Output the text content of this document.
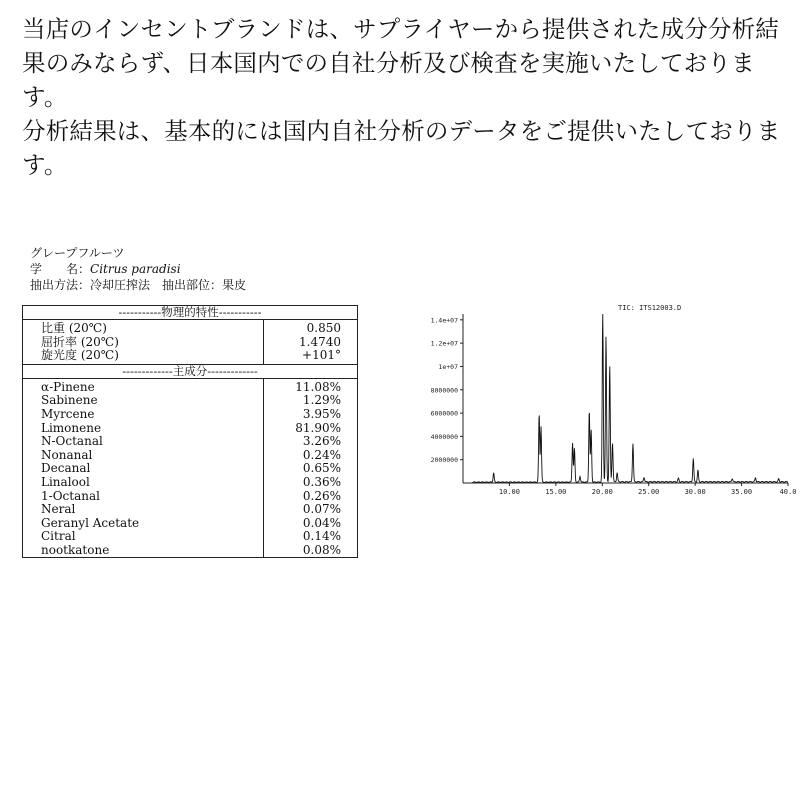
当店のインセントブランドは、サプライヤーから提供された成分分析結果のみならず、日本国内での自社分析及び検査を実施いたしております。

分析結果は、基本的には国内自社分析のデータをご提供いたしております。

グレープフルーツ
学　　名：Citrus paradisi
抽出方法：冷却圧搾法　 抽出部位：果皮
-----------物理的特性-----------
比重 (20℃)	0.850
屈折率 (20℃)	1.4740
旋光度 (20℃)	+101°
-------------主成分-------------
α-Pinene	11.08%
Sabinene	1.29%
Myrcene	3.95%
Limonene	81.90%
N-Octanal	3.26%
Nonanal	0.24%
Decanal	0.65%
Linalool	0.36%
1-Octanal	0.26%
Neral	0.07%
Geranyl Acetate	0.04%
Citral	0.14%
nootkatone	0.08%
TIC: ITS12003.D
2000000
4000000
6000000
8000000
1e+07
1.2e+07
1.4e+07
10.00	15.00	20.00	25.00	30.00	35.00	40.0
